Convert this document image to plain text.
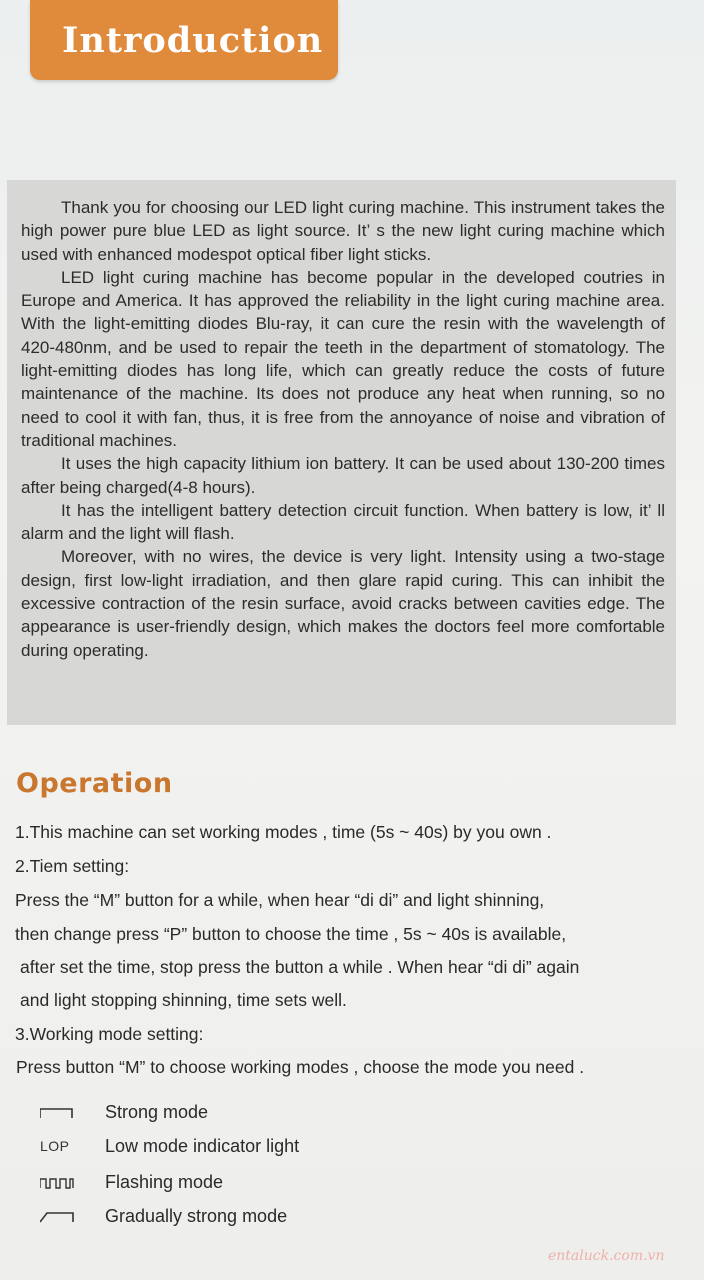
Introduction

Thank you for choosing our LED light curing machine. This instrument takes the high power pure blue LED as light source. It’ s the new light curing machine which used with enhanced modespot optical fiber light sticks.

LED light curing machine has become popular in the developed coutries in Europe and America. It has approved the reliability in the light curing machine area. With the light-emitting diodes Blu-ray, it can cure the resin with the wavelength of 420-480nm, and be used to repair the teeth in the department of stomatology. The light-emitting diodes has long life, which can greatly reduce the costs of future maintenance of the machine. Its does not produce any heat when running, so no need to cool it with fan, thus, it is free from the annoyance of noise and vibration of traditional machines.

It uses the high capacity lithium ion battery. It can be used about 130-200 times after being charged(4-8 hours).

It has the intelligent battery detection circuit function. When battery is low, it’ ll alarm and the light will flash.

Moreover, with no wires, the device is very light. Intensity using a two-stage design, first low-light irradiation, and then glare rapid curing. This can inhibit the excessive contraction of the resin surface, avoid cracks between cavities edge. The appearance is user-friendly design, which makes the doctors feel more comfortable during operating.

Operation
1.This machine can set working modes , time (5s ~ 40s) by you own .
2.Tiem setting:
Press the “M” button for a while, when hear “di di” and light shinning,
then change press “P” button to choose the time , 5s ~ 40s is available,
after set the time, stop press the button a while . When hear “di di” again
and light stopping shinning, time sets well.
3.Working mode setting:
Press button “M” to choose working modes , choose the mode you need .
Strong mode
LOP Low mode indicator light
Flashing mode
Gradually strong mode
entaluck.com.vn
